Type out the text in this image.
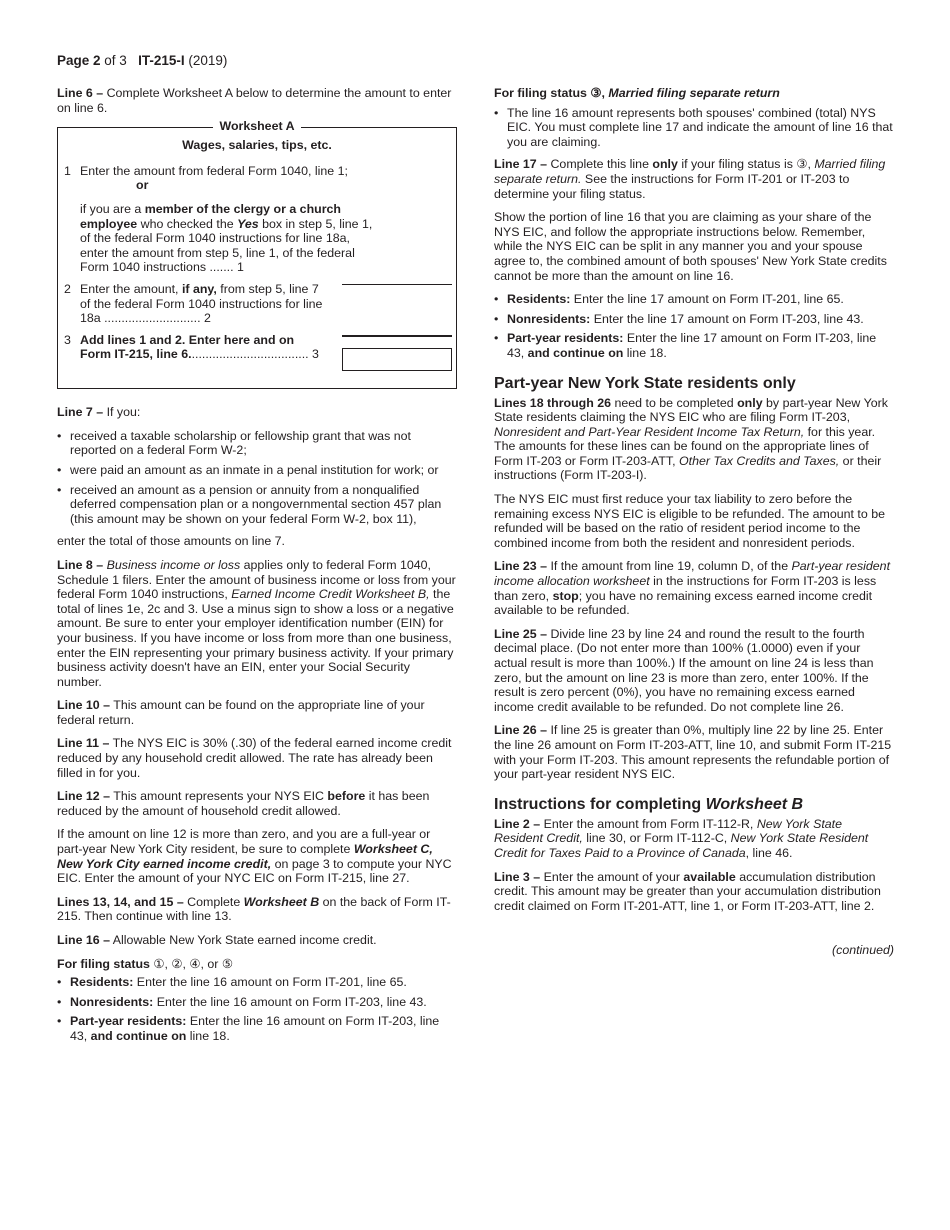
Page 2 of 3 IT-215-I (2019)

Line 6 – Complete Worksheet A below to determine the amount to enter on line 6.

Worksheet A
Wages, salaries, tips, etc.
1 Enter the amount from federal Form 1040, line 1;
or
if you are a member of the clergy or a church employee who checked the Yes box in step 5, line 1, of the federal Form 1040 instructions for line 18a, enter the amount from step 5, line 1, of the federal Form 1040 instructions ....... 1
2 Enter the amount, if any, from step 5, line 7 of the federal Form 1040 instructions for line 18a ............................ 2
3 Add lines 1 and 2. Enter here and on Form IT-215, line 6................................... 3

Line 7 – If you:

• received a taxable scholarship or fellowship grant that was not reported on a federal Form W-2;
• were paid an amount as an inmate in a penal institution for work; or
• received an amount as a pension or annuity from a nonqualified deferred compensation plan or a nongovernmental section 457 plan (this amount may be shown on your federal Form W-2, box 11),

enter the total of those amounts on line 7.

Line 8 – Business income or loss applies only to federal Form 1040, Schedule 1 filers. Enter the amount of business income or loss from your federal Form 1040 instructions, Earned Income Credit Worksheet B, the total of lines 1e, 2c and 3. Use a minus sign to show a loss or a negative amount. Be sure to enter your employer identification number (EIN) for your business. If you have income or loss from more than one business, enter the EIN representing your primary business activity. If your primary business activity doesn't have an EIN, enter your Social Security number.

Line 10 – This amount can be found on the appropriate line of your federal return.

Line 11 – The NYS EIC is 30% (.30) of the federal earned income credit reduced by any household credit allowed. The rate has already been filled in for you.

Line 12 – This amount represents your NYS EIC before it has been reduced by the amount of household credit allowed.

If the amount on line 12 is more than zero, and you are a full-year or part-year New York City resident, be sure to complete Worksheet C, New York City earned income credit, on page 3 to compute your NYC EIC. Enter the amount of your NYC EIC on Form IT-215, line 27.

Lines 13, 14, and 15 – Complete Worksheet B on the back of Form IT-215. Then continue with line 13.

Line 16 – Allowable New York State earned income credit.

For filing status ①, ②, ④, or ⑤

• Residents: Enter the line 16 amount on Form IT-201, line 65.
• Nonresidents: Enter the line 16 amount on Form IT-203, line 43.
• Part-year residents: Enter the line 16 amount on Form IT-203, line 43, and continue on line 18.

For filing status ③, Married filing separate return

• The line 16 amount represents both spouses' combined (total) NYS EIC. You must complete line 17 and indicate the amount of line 16 that you are claiming.

Line 17 – Complete this line only if your filing status is ③, Married filing separate return. See the instructions for Form IT-201 or IT-203 to determine your filing status.

Show the portion of line 16 that you are claiming as your share of the NYS EIC, and follow the appropriate instructions below. Remember, while the NYS EIC can be split in any manner you and your spouse agree to, the combined amount of both spouses' New York State credits cannot be more than the amount on line 16.

• Residents: Enter the line 17 amount on Form IT-201, line 65.
• Nonresidents: Enter the line 17 amount on Form IT-203, line 43.
• Part-year residents: Enter the line 17 amount on Form IT-203, line 43, and continue on line 18.
Part-year New York State residents only

Lines 18 through 26 need to be completed only by part-year New York State residents claiming the NYS EIC who are filing Form IT-203, Nonresident and Part-Year Resident Income Tax Return, for this year. The amounts for these lines can be found on the appropriate lines of Form IT-203 or Form IT-203-ATT, Other Tax Credits and Taxes, or their instructions (Form IT-203-I).

The NYS EIC must first reduce your tax liability to zero before the remaining excess NYS EIC is eligible to be refunded. The amount to be refunded will be based on the ratio of resident period income to the combined income from both the resident and nonresident periods.

Line 23 – If the amount from line 19, column D, of the Part-year resident income allocation worksheet in the instructions for Form IT-203 is less than zero, stop; you have no remaining excess earned income credit available to be refunded.

Line 25 – Divide line 23 by line 24 and round the result to the fourth decimal place. (Do not enter more than 100% (1.0000) even if your actual result is more than 100%.) If the amount on line 24 is less than zero, but the amount on line 23 is more than zero, enter 100%. If the result is zero percent (0%), you have no remaining excess earned income credit available to be refunded. Do not complete line 26.

Line 26 – If line 25 is greater than 0%, multiply line 22 by line 25. Enter the line 26 amount on Form IT-203-ATT, line 10, and submit Form IT-215 with your Form IT-203. This amount represents the refundable portion of your part-year resident NYS EIC.

Instructions for completing Worksheet B

Line 2 – Enter the amount from Form IT-112-R, New York State Resident Credit, line 30, or Form IT-112-C, New York State Resident Credit for Taxes Paid to a Province of Canada, line 46.

Line 3 – Enter the amount of your available accumulation distribution credit. This amount may be greater than your accumulation distribution credit claimed on Form IT-201-ATT, line 1, or Form IT-203-ATT, line 2.

(continued)
